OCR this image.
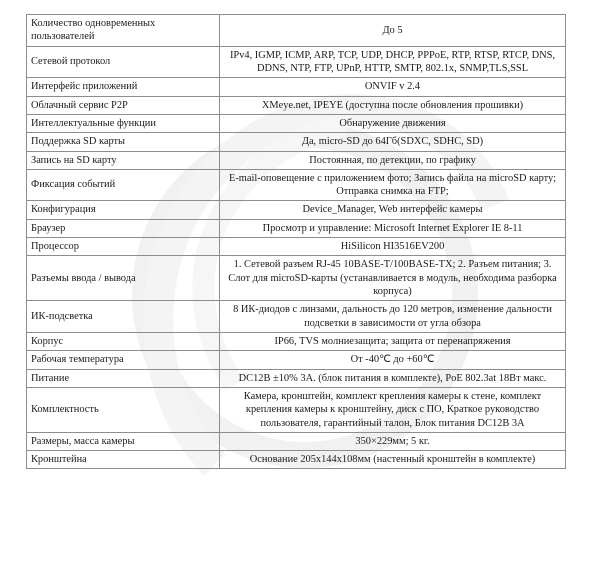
Количество одновременных пользователей	До 5
Сетевой протокол	IPv4, IGMP, ICMP, ARP, TCP, UDP, DHCP, PPPoE, RTP, RTSP, RTCP, DNS, DDNS, NTP, FTP, UPnP, HTTP, SMTP, 802.1x, SNMP,TLS,SSL
Интерфейс приложений	ONVIF v 2.4
Облачный сервис P2P	XMeye.net, IPEYE (доступна после обновления прошивки)
Интеллектуальные функции	Обнаружение движения
Поддержка SD карты	Да, micro-SD до 64Гб(SDXC, SDHC, SD)
Запись на SD карту	Постоянная, по детекции, по графику
Фиксация событий	E-mail-оповещение с приложением фото; Запись файла на microSD карту; Отправка снимка на FTP;
Конфигурация	Device_Manager, Web интерфейс камеры
Браузер	Просмотр и управление: Microsoft Internet Explorer IE 8-11
Процессор	HiSilicon HI3516EV200
Разъемы ввода / вывода	1. Сетевой разъем RJ-45 10BASE-T/100BASE-TX; 2. Разъем питания; 3. Слот для microSD-карты (устанавливается в модуль, необходима разборка корпуса)
ИК-подсветка	8 ИК-диодов с линзами, дальность до 120 метров, изменение дальности подсветки в зависимости от угла обзора
Корпус	IP66, TVS молниезащита; защита от перенапряжения
Рабочая температура	От -40℃ до +60℃
Питание	DC12B ±10% 3A. (блок питания в комплекте), PoE 802.3at 18Вт макс.
Комплектность	Камера, кронштейн, комплект крепления камеры к стене, комплект крепления камеры к кронштейну, диск с ПО, Краткое руководство пользователя, гарантийный талон, Блок питания DC12B 3A
Размеры, масса камеры	350×229мм; 5 кг.
Кронштейна	Основание 205x144x108мм (настенный кронштейн в комплекте)
